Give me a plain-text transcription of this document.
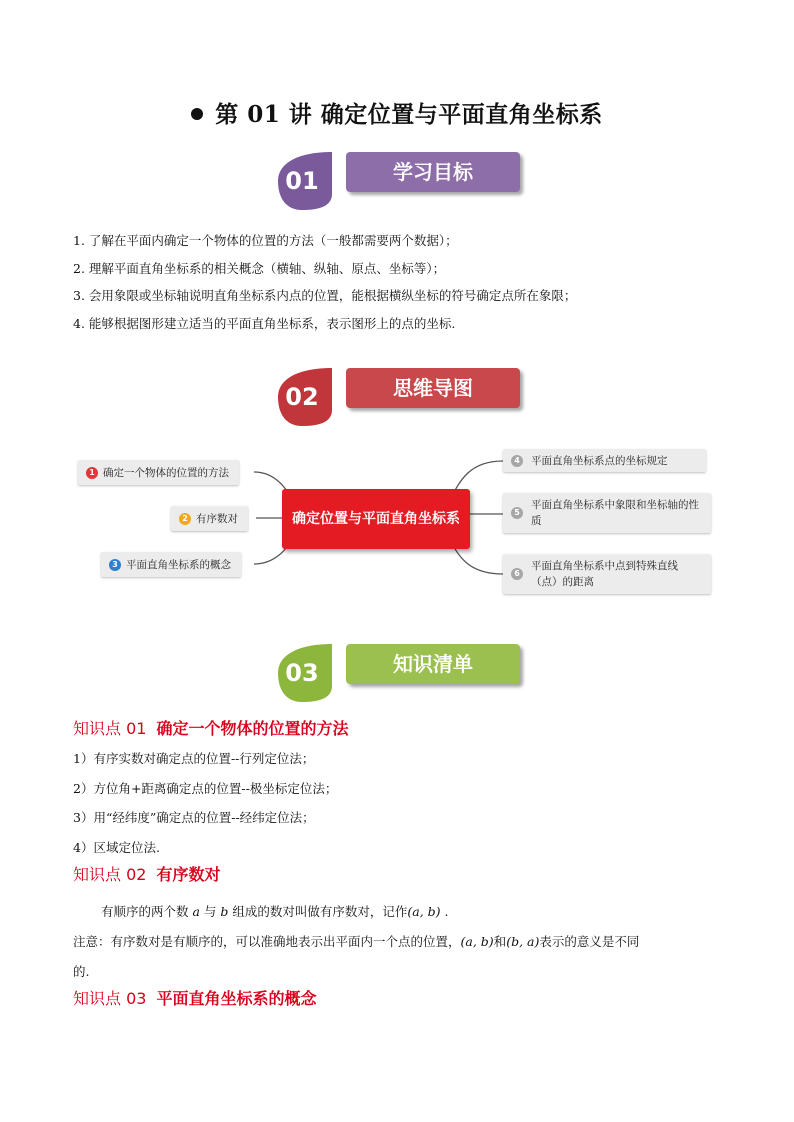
第 01 讲 确定位置与平面直角坐标系
01	学习目标

1. 了解在平面内确定一个物体的位置的方法（一般都需要两个数据）；

2. 理解平面直角坐标系的相关概念（横轴、纵轴、原点、坐标等）；

3. 会用象限或坐标轴说明直角坐标系内点的位置，能根据横纵坐标的符号确定点所在象限；

4. 能够根据图形建立适当的平面直角坐标系，表示图形上的点的坐标.

02	思维导图
确定位置与平面直角坐标系
1 确定一个物体的位置的方法
2 有序数对
3 平面直角坐标系的概念
4	平面直角坐标系点的坐标规定
5
平面直角坐标系中象限和坐标轴的性质
6
平面直角坐标系中点到特殊直线（点）的距离
03	知识清单
知识点 01 确定一个物体的位置的方法

1）有序实数对确定点的位置--行列定位法；

2）方位角+距离确定点的位置--极坐标定位法；

3）用“经纬度”确定点的位置--经纬定位法；

4）区域定位法.

知识点 02 有序数对

有顺序的两个数 a 与 b 组成的数对叫做有序数对，记作(a, b) .

注意：有序数对是有顺序的，可以准确地表示出平面内一个点的位置，(a, b)和(b, a)表示的意义是不同

的.

知识点 03 平面直角坐标系的概念
